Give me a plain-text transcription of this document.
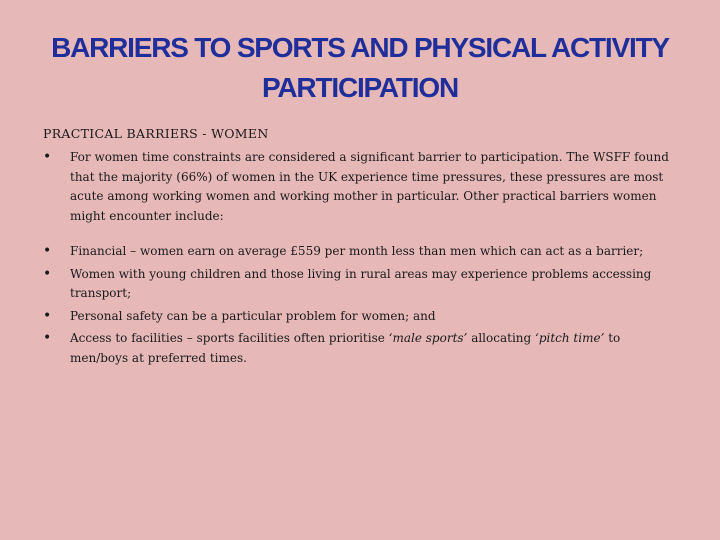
BARRIERS TO SPORTS AND PHYSICAL ACTIVITY PARTICIPATION
PRACTICAL BARRIERS - WOMEN
• For women time constraints are considered a significant barrier to participation. The WSFF found that the majority (66%) of women in the UK experience time pressures, these pressures are most acute among working women and working mother in particular. Other practical barriers women might encounter include:
• Financial – women earn on average £559 per month less than men which can act as a barrier;
• Women with young children and those living in rural areas may experience problems accessing transport;
• Personal safety can be a particular problem for women; and
• Access to facilities – sports facilities often prioritise ‘male sports’ allocating ‘pitch time’ to men/boys at preferred times.
